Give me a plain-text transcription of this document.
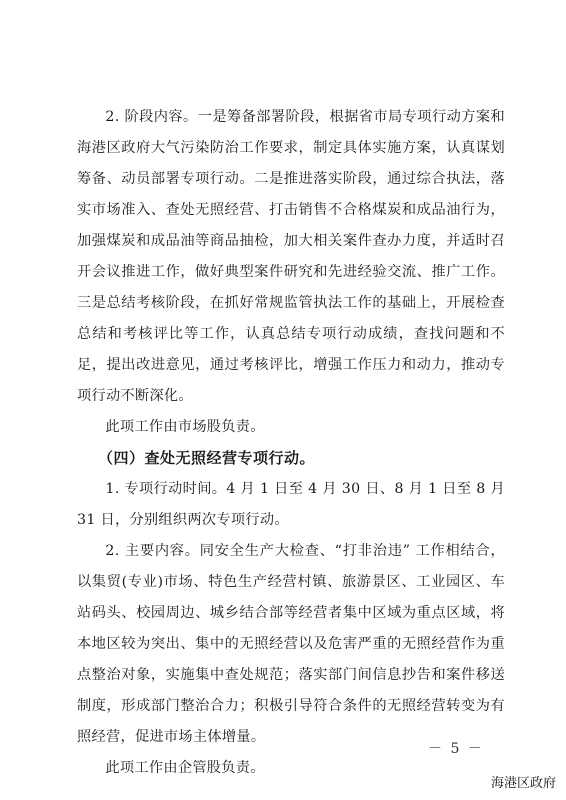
2. 阶段内容。一是筹备部署阶段，根据省市局专项行动方案和海港区政府大气污染防治工作要求，制定具体实施方案，认真谋划筹备、动员部署专项行动。二是推进落实阶段，通过综合执法，落实市场准入、查处无照经营、打击销售不合格煤炭和成品油行为，加强煤炭和成品油等商品抽检，加大相关案件查办力度，并适时召开会议推进工作，做好典型案件研究和先进经验交流、推广工作。三是总结考核阶段，在抓好常规监管执法工作的基础上，开展检查总结和考核评比等工作，认真总结专项行动成绩，查找问题和不足，提出改进意见，通过考核评比，增强工作压力和动力，推动专项行动不断深化。

此项工作由市场股负责。

（四）查处无照经营专项行动。

1. 专项行动时间。4 月 1 日至 4 月 30 日、8 月 1 日至 8 月 31 日，分别组织两次专项行动。

2. 主要内容。同安全生产大检查、“打非治违” 工作相结合，以集贸(专业)市场、特色生产经营村镇、旅游景区、工业园区、车站码头、校园周边、城乡结合部等经营者集中区域为重点区域，将本地区较为突出、集中的无照经营以及危害严重的无照经营作为重点整治对象，实施集中查处规范；落实部门间信息抄告和案件移送制度，形成部门整治合力；积极引导符合条件的无照经营转变为有照经营，促进市场主体增量。

此项工作由企管股负责。

－ 5 －
海港区政府
